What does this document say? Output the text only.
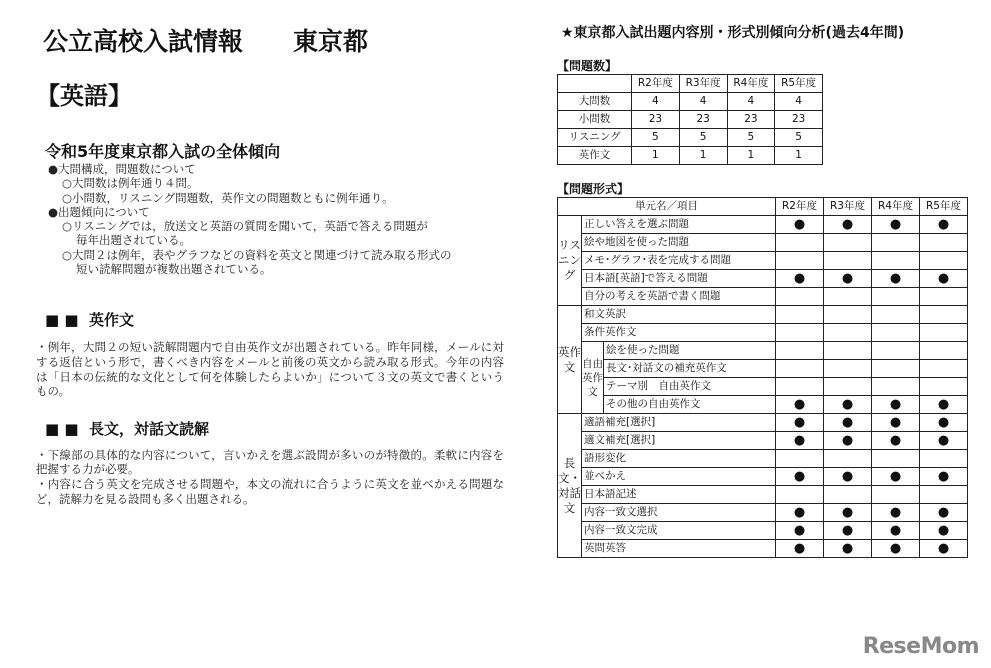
公立高校入試情報　　東京都
【英語】
令和5年度東京都入試の全体傾向
●大問構成，問題数について
○大問数は例年通り４問。
○小問数，リスニング問題数，英作文の問題数ともに例年通り。
●出題傾向について
○リスニングでは，放送文と英語の質問を聞いて，英語で答える問題が
毎年出題されている。
○大問２は例年，表やグラフなどの資料を英文と関連づけて読み取る形式の
短い読解問題が複数出題されている。
■ ■  英作文
・例年，大問２の短い読解問題内で自由英作文が出題されている。昨年同様，メールに対する返信という形で，書くべき内容をメールと前後の英文から読み取る形式。今年の内容は「日本の伝統的な文化として何を体験したらよいか」について３文の英文で書くというもの。
■ ■  長文，対話文読解
・下線部の具体的な内容について，言いかえを選ぶ設問が多いのが特徴的。柔軟に内容を把握する力が必要。
・内容に合う英文を完成させる問題や，本文の流れに合うように英文を並べかえる問題など，読解力を見る設問も多く出題される。
★東京都入試出題内容別・形式別傾向分析(過去4年間)
【問題数】
	R2年度	R3年度	R4年度	R5年度
大問数	4	4	4	4
小問数	23	23	23	23
リスニング	5	5	5	5
英作文	1	1	1	1
【問題形式】
単元名／項目			R2年度	R3年度	R4年度	R5年度
リスニング	正しい答えを選ぶ問題		●	●	●	●
	絵や地図を使った問題					
	メモ･グラフ･表を完成する問題					
	日本語[英語]で答える問題		●	●	●	●
	自分の考えを英語で書く問題					
英作文	和文英訳					
	条件英作文					
	自由英作文	絵を使った問題				
		長文･対話文の補充英作文				
		テーマ別　自由英作文				
		その他の自由英作文	●	●	●	●
長文・対話文	適語補充[選択]		●	●	●	●
	適文補充[選択]		●	●	●	●
	語形変化					
	並べかえ		●	●	●	●
	日本語記述					
	内容一致文選択		●	●	●	●
	内容一致文完成		●	●	●	●
	英問英答		●	●	●	●
ReseMom
